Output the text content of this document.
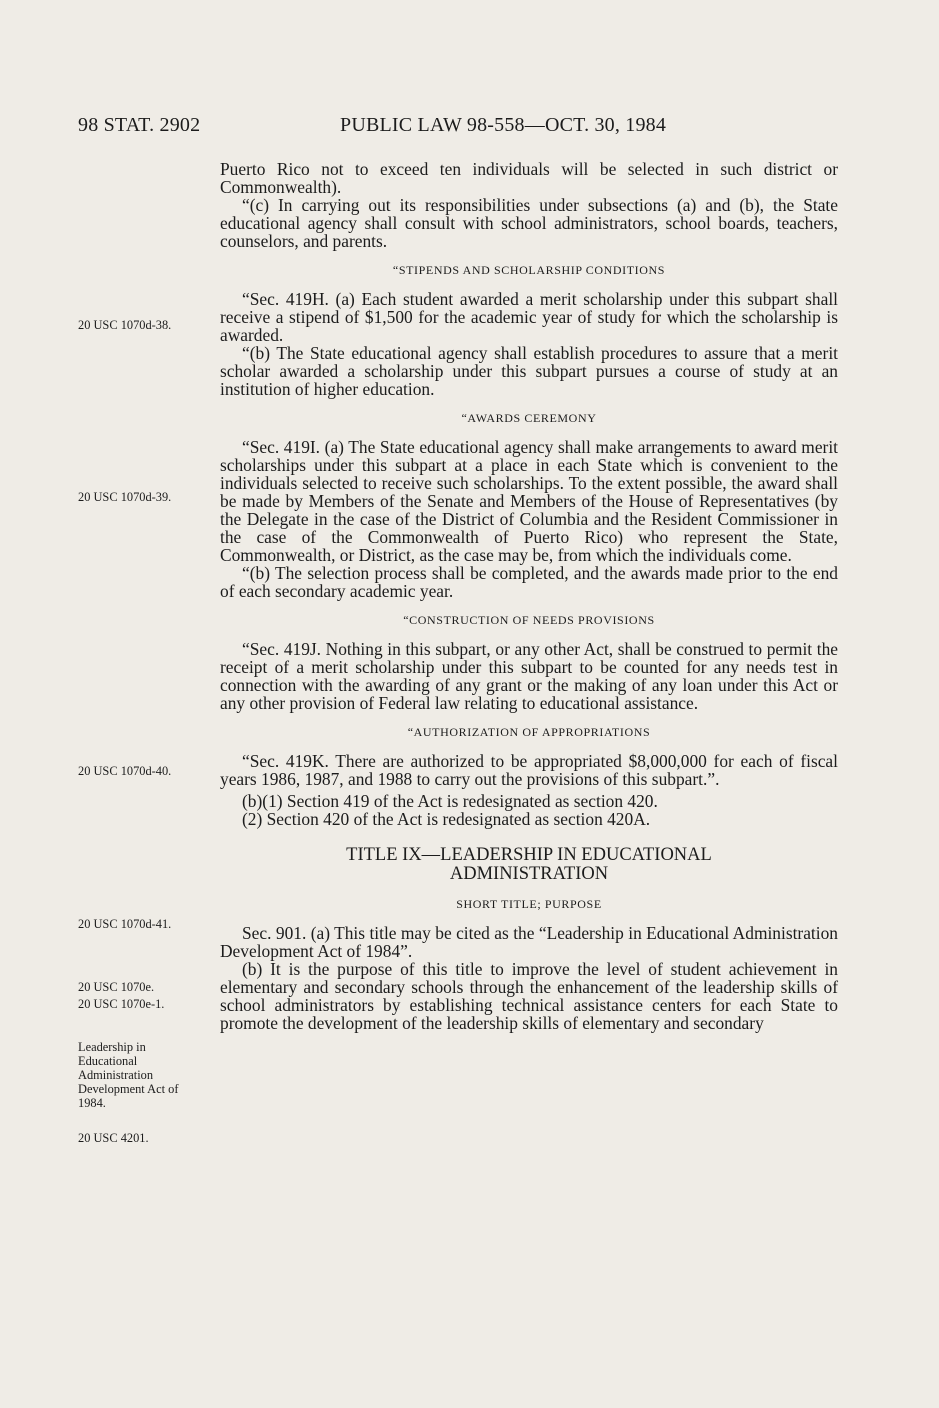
98 STAT. 2902	PUBLIC LAW 98-558—OCT. 30, 1984
20 USC 1070d-38.
20 USC 1070d-39.
20 USC 1070d-40.
20 USC 1070d-41.
20 USC 1070e.
20 USC 1070e-1.
Leadership in Educational Administration Development Act of 1984.
20 USC 4201.

Puerto Rico not to exceed ten individuals will be selected in such district or Commonwealth).

“(c) In carrying out its responsibilities under subsections (a) and (b), the State educational agency shall consult with school administrators, school boards, teachers, counselors, and parents.

“STIPENDS AND SCHOLARSHIP CONDITIONS

“Sec. 419H. (a) Each student awarded a merit scholarship under this subpart shall receive a stipend of $1,500 for the academic year of study for which the scholarship is awarded.

“(b) The State educational agency shall establish procedures to assure that a merit scholar awarded a scholarship under this subpart pursues a course of study at an institution of higher education.

“AWARDS CEREMONY

“Sec. 419I. (a) The State educational agency shall make arrangements to award merit scholarships under this subpart at a place in each State which is convenient to the individuals selected to receive such scholarships. To the extent possible, the award shall be made by Members of the Senate and Members of the House of Representatives (by the Delegate in the case of the District of Columbia and the Resident Commissioner in the case of the Commonwealth of Puerto Rico) who represent the State, Commonwealth, or District, as the case may be, from which the individuals come.

“(b) The selection process shall be completed, and the awards made prior to the end of each secondary academic year.

“CONSTRUCTION OF NEEDS PROVISIONS

“Sec. 419J. Nothing in this subpart, or any other Act, shall be construed to permit the receipt of a merit scholarship under this subpart to be counted for any needs test in connection with the awarding of any grant or the making of any loan under this Act or any other provision of Federal law relating to educational assistance.

“AUTHORIZATION OF APPROPRIATIONS

“Sec. 419K. There are authorized to be appropriated $8,000,000 for each of fiscal years 1986, 1987, and 1988 to carry out the provisions of this subpart.”.

(b)(1) Section 419 of the Act is redesignated as section 420.

(2) Section 420 of the Act is redesignated as section 420A.

TITLE IX—LEADERSHIP IN EDUCATIONAL
ADMINISTRATION
SHORT TITLE; PURPOSE

Sec. 901. (a) This title may be cited as the “Leadership in Educational Administration Development Act of 1984”.

(b) It is the purpose of this title to improve the level of student achievement in elementary and secondary schools through the enhancement of the leadership skills of school administrators by establishing technical assistance centers for each State to promote the development of the leadership skills of elementary and secondary
